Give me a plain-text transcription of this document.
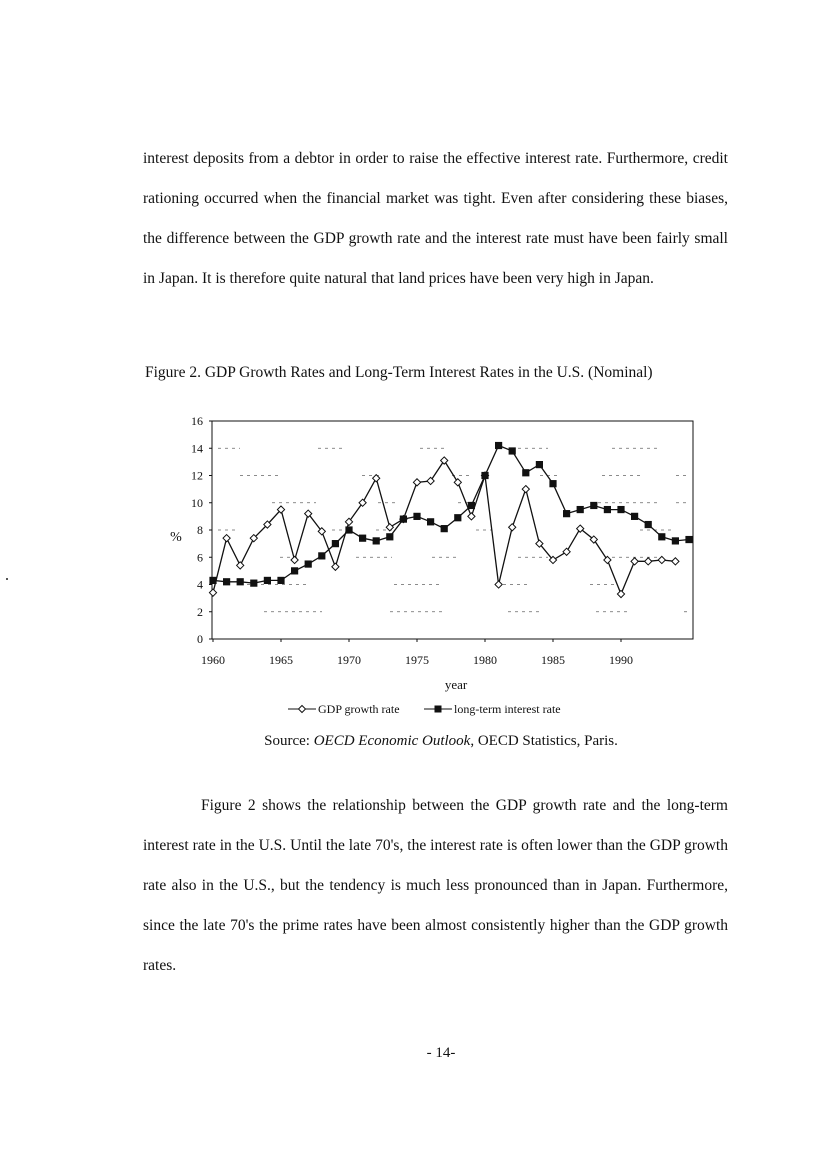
interest deposits from a debtor in order to raise the effective interest rate. Furthermore, credit rationing occurred when the financial market was tight. Even after considering these biases, the difference between the GDP growth rate and the interest rate must have been fairly small in Japan. It is therefore quite natural that land prices have been very high in Japan.

Figure 2. GDP Growth Rates and Long-Term Interest Rates in the U.S. (Nominal)

0
2
4
6
8
10
12
14
16
1960	1965	1970	1975	1980	1985	1990
%
year
GDP growth rate	long-term interest rate
Source: OECD Economic Outlook, OECD Statistics, Paris.

Figure 2 shows the relationship between the GDP growth rate and the long-term interest rate in the U.S. Until the late 70's, the interest rate is often lower than the GDP growth rate also in the U.S., but the tendency is much less pronounced than in Japan. Furthermore, since the late 70's the prime rates have been almost consistently higher than the GDP growth rates.

- 14-
